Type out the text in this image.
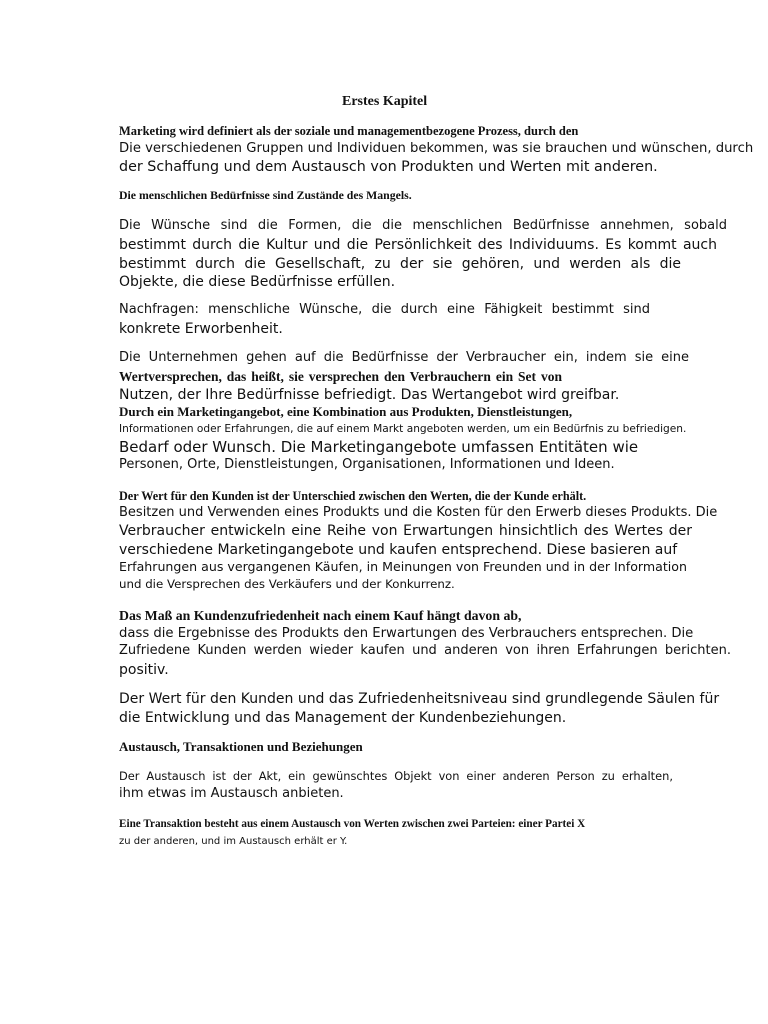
Erstes Kapitel
Marketing wird definiert als der soziale und managementbezogene Prozess, durch den
Die verschiedenen Gruppen und Individuen bekommen, was sie brauchen und wünschen, durch
der Schaffung und dem Austausch von Produkten und Werten mit anderen.
Die menschlichen Bedürfnisse sind Zustände des Mangels.
Die Wünsche sind die Formen, die die menschlichen Bedürfnisse annehmen, sobald
bestimmt durch die Kultur und die Persönlichkeit des Individuums. Es kommt auch
bestimmt durch die Gesellschaft, zu der sie gehören, und werden als die
Objekte, die diese Bedürfnisse erfüllen.
Nachfragen: menschliche Wünsche, die durch eine Fähigkeit bestimmt sind
konkrete Erworbenheit.
Die Unternehmen gehen auf die Bedürfnisse der Verbraucher ein, indem sie eine
Wertversprechen, das heißt, sie versprechen den Verbrauchern ein Set von
Nutzen, der Ihre Bedürfnisse befriedigt. Das Wertangebot wird greifbar.
Durch ein Marketingangebot, eine Kombination aus Produkten, Dienstleistungen,
Informationen oder Erfahrungen, die auf einem Markt angeboten werden, um ein Bedürfnis zu befriedigen.
Bedarf oder Wunsch. Die Marketingangebote umfassen Entitäten wie
Personen, Orte, Dienstleistungen, Organisationen, Informationen und Ideen.
Der Wert für den Kunden ist der Unterschied zwischen den Werten, die der Kunde erhält.
Besitzen und Verwenden eines Produkts und die Kosten für den Erwerb dieses Produkts. Die
Verbraucher entwickeln eine Reihe von Erwartungen hinsichtlich des Wertes der
verschiedene Marketingangebote und kaufen entsprechend. Diese basieren auf
Erfahrungen aus vergangenen Käufen, in Meinungen von Freunden und in der Information
und die Versprechen des Verkäufers und der Konkurrenz.
Das Maß an Kundenzufriedenheit nach einem Kauf hängt davon ab,
dass die Ergebnisse des Produkts den Erwartungen des Verbrauchers entsprechen. Die
Zufriedene Kunden werden wieder kaufen und anderen von ihren Erfahrungen berichten.
positiv.
Der Wert für den Kunden und das Zufriedenheitsniveau sind grundlegende Säulen für
die Entwicklung und das Management der Kundenbeziehungen.
Austausch, Transaktionen und Beziehungen
Der Austausch ist der Akt, ein gewünschtes Objekt von einer anderen Person zu erhalten,
ihm etwas im Austausch anbieten.
Eine Transaktion besteht aus einem Austausch von Werten zwischen zwei Parteien: einer Partei X
zu der anderen, und im Austausch erhält er Y.
